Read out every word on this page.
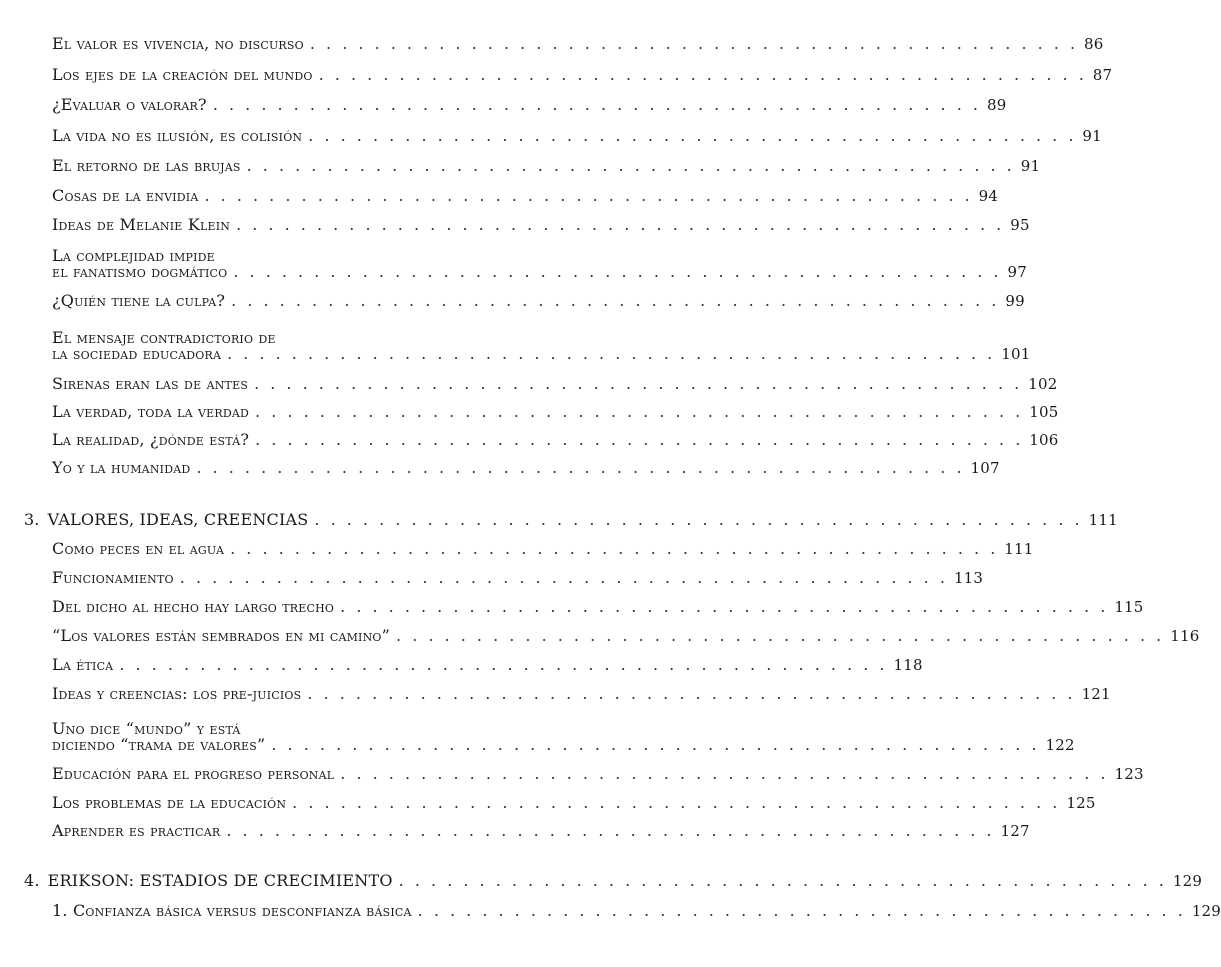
El valor es vivencia, no discurso . . . . . . . . . . . . . . . . . . . . . . . . . . . . . . . . . . . . . . . . . . . . . . . . 86
Los ejes de la creación del mundo . . . . . . . . . . . . . . . . . . . . . . . . . . . . . . . . . . . . . . . . . . . . . . . . 87
¿Evaluar o valorar? . . . . . . . . . . . . . . . . . . . . . . . . . . . . . . . . . . . . . . . . . . . . . . . . 89
La vida no es ilusión, es colisión . . . . . . . . . . . . . . . . . . . . . . . . . . . . . . . . . . . . . . . . . . . . . . . . 91
El retorno de las brujas . . . . . . . . . . . . . . . . . . . . . . . . . . . . . . . . . . . . . . . . . . . . . . . . 91
Cosas de la envidia . . . . . . . . . . . . . . . . . . . . . . . . . . . . . . . . . . . . . . . . . . . . . . . . 94
Ideas de Melanie Klein . . . . . . . . . . . . . . . . . . . . . . . . . . . . . . . . . . . . . . . . . . . . . . . . 95
La complejidad impide
el fanatismo dogmático . . . . . . . . . . . . . . . . . . . . . . . . . . . . . . . . . . . . . . . . . . . . . . . . 97
¿Quién tiene la culpa? . . . . . . . . . . . . . . . . . . . . . . . . . . . . . . . . . . . . . . . . . . . . . . . . 99
El mensaje contradictorio de
la sociedad educadora . . . . . . . . . . . . . . . . . . . . . . . . . . . . . . . . . . . . . . . . . . . . . . . . 101
Sirenas eran las de antes . . . . . . . . . . . . . . . . . . . . . . . . . . . . . . . . . . . . . . . . . . . . . . . . 102
La verdad, toda la verdad . . . . . . . . . . . . . . . . . . . . . . . . . . . . . . . . . . . . . . . . . . . . . . . . 105
La realidad, ¿dónde está? . . . . . . . . . . . . . . . . . . . . . . . . . . . . . . . . . . . . . . . . . . . . . . . . 106
Yo y la humanidad . . . . . . . . . . . . . . . . . . . . . . . . . . . . . . . . . . . . . . . . . . . . . . . . 107
3. VALORES, IDEAS, CREENCIAS . . . . . . . . . . . . . . . . . . . . . . . . . . . . . . . . . . . . . . . . . . . . . . . . 111
Como peces en el agua . . . . . . . . . . . . . . . . . . . . . . . . . . . . . . . . . . . . . . . . . . . . . . . . 111
Funcionamiento . . . . . . . . . . . . . . . . . . . . . . . . . . . . . . . . . . . . . . . . . . . . . . . . 113
Del dicho al hecho hay largo trecho . . . . . . . . . . . . . . . . . . . . . . . . . . . . . . . . . . . . . . . . . . . . . . . . 115
“Los valores están sembrados en mi camino” . . . . . . . . . . . . . . . . . . . . . . . . . . . . . . . . . . . . . . . . . . . . . . . . 116
La ética . . . . . . . . . . . . . . . . . . . . . . . . . . . . . . . . . . . . . . . . . . . . . . . . 118
Ideas y creencias: los pre-juicios . . . . . . . . . . . . . . . . . . . . . . . . . . . . . . . . . . . . . . . . . . . . . . . . 121
Uno dice “mundo” y está
diciendo “trama de valores” . . . . . . . . . . . . . . . . . . . . . . . . . . . . . . . . . . . . . . . . . . . . . . . . 122
Educación para el progreso personal . . . . . . . . . . . . . . . . . . . . . . . . . . . . . . . . . . . . . . . . . . . . . . . . 123
Los problemas de la educación . . . . . . . . . . . . . . . . . . . . . . . . . . . . . . . . . . . . . . . . . . . . . . . . 125
Aprender es practicar . . . . . . . . . . . . . . . . . . . . . . . . . . . . . . . . . . . . . . . . . . . . . . . . 127
4. ERIKSON: ESTADIOS DE CRECIMIENTO . . . . . . . . . . . . . . . . . . . . . . . . . . . . . . . . . . . . . . . . . . . . . . . . 129
1. Confianza básica versus desconfianza básica . . . . . . . . . . . . . . . . . . . . . . . . . . . . . . . . . . . . . . . . . . . . . . . . 129
